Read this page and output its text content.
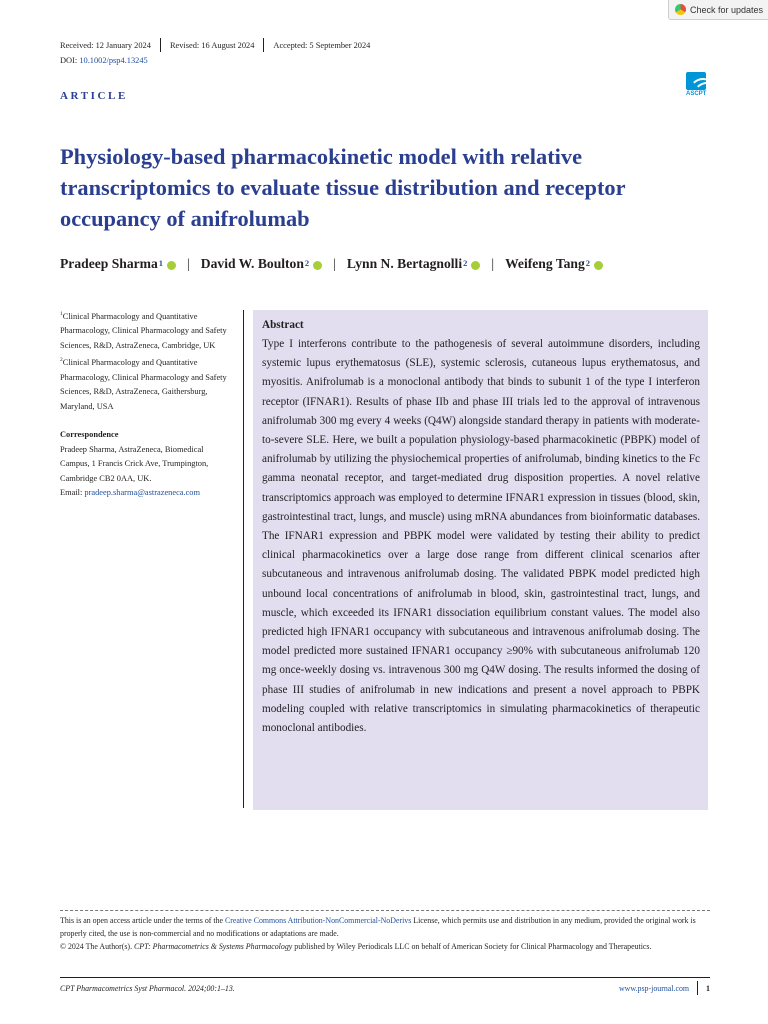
Check for updates
Received: 12 January 2024 Revised: 16 August 2024 Accepted: 5 September 2024
DOI: 10.1002/psp4.13245
ARTICLE	ASCPT
Physiology-based pharmacokinetic model with relative transcriptomics to evaluate tissue distribution and receptor occupancy of anifrolumab
Pradeep Sharma$^1$ | David W. Boulton$^2$ | Lynn N. Bertagnolli$^2$ | Weifeng Tang$^2$

$^1$Clinical Pharmacology and Quantitative Pharmacology, Clinical Pharmacology and Safety Sciences, R&D, AstraZeneca, Cambridge, UK

$^2$Clinical Pharmacology and Quantitative Pharmacology, Clinical Pharmacology and Safety Sciences, R&D, AstraZeneca, Gaithersburg, Maryland, USA

Correspondence
Pradeep Sharma, AstraZeneca, Biomedical Campus, 1 Francis Crick Ave, Trumpington, Cambridge CB2 0AA, UK.
Email: pradeep.sharma@astrazeneca.com
Abstract

Type I interferons contribute to the pathogenesis of several autoimmune disorders, including systemic lupus erythematosus (SLE), systemic sclerosis, cutaneous lupus erythematosus, and myositis. Anifrolumab is a monoclonal antibody that binds to subunit 1 of the type I interferon receptor (IFNAR1). Results of phase IIb and phase III trials led to the approval of intravenous anifrolumab 300 mg every 4 weeks (Q4W) alongside standard therapy in patients with moderate-to-severe SLE. Here, we built a population physiology-based pharmacokinetic (PBPK) model of anifrolumab by utilizing the physiochemical properties of anifrolumab, binding kinetics to the Fc gamma neonatal receptor, and target-mediated drug disposition properties. A novel relative transcriptomics approach was employed to determine IFNAR1 expression in tissues (blood, skin, gastrointestinal tract, lungs, and muscle) using mRNA abundances from bioinformatic databases. The IFNAR1 expression and PBPK model were validated by testing their ability to predict clinical pharmacokinetics over a large dose range from different clinical scenarios after subcutaneous and intravenous anifrolumab dosing. The validated PBPK model predicted high unbound local concentrations of anifrolumab in blood, skin, gastrointestinal tract, lungs, and muscle, which exceeded its IFNAR1 dissociation equilibrium constant values. The model also predicted high IFNAR1 occupancy with subcutaneous and intravenous anifrolumab dosing. The model predicted more sustained IFNAR1 occupancy ≥90% with subcutaneous anifrolumab 120 mg once-weekly dosing vs. intravenous 300 mg Q4W dosing. The results informed the dosing of phase III studies of anifrolumab in new indications and present a novel approach to PBPK modeling coupled with relative transcriptomics in simulating pharmacokinetics of therapeutic monoclonal antibodies.

This is an open access article under the terms of the Creative Commons Attribution-NonCommercial-NoDerivs License, which permits use and distribution in any medium, provided the original work is properly cited, the use is non-commercial and no modifications or adaptations are made.

© 2024 The Author(s). CPT: Pharmacometrics & Systems Pharmacology published by Wiley Periodicals LLC on behalf of American Society for Clinical Pharmacology and Therapeutics.

CPT Pharmacometrics Syst Pharmacol. 2024;00:1–13.	www.psp-journal.com 1
